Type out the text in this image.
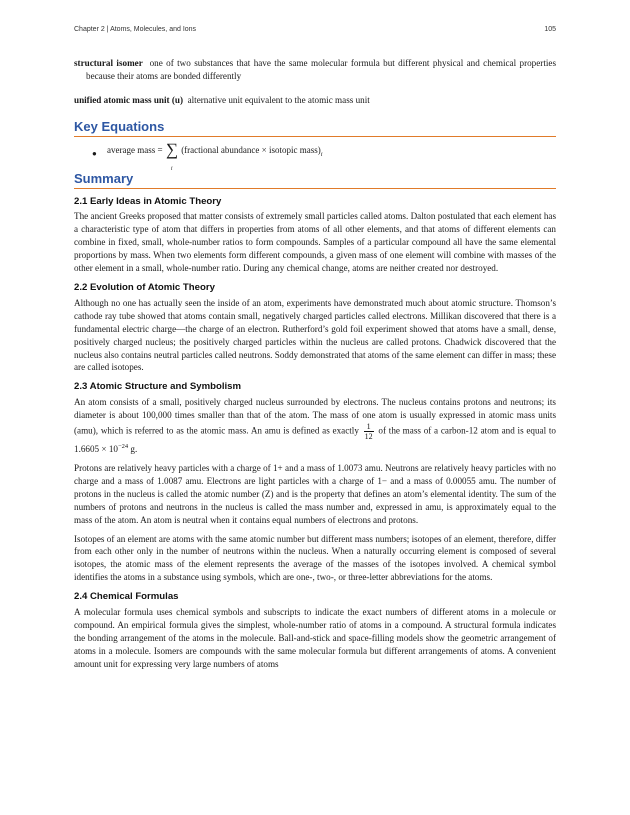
Chapter 2 | Atoms, Molecules, and Ions	105

structural isomer one of two substances that have the same molecular formula but different physical and chemical properties because their atoms are bonded differently

unified atomic mass unit (u) alternative unit equivalent to the atomic mass unit

Key Equations
● average mass = ∑
i
(fractional abundance × isotopic $mass)_i$
Summary
2.1 Early Ideas in Atomic Theory

The ancient Greeks proposed that matter consists of extremely small particles called atoms. Dalton postulated that each element has a characteristic type of atom that differs in properties from atoms of all other elements, and that atoms of different elements can combine in fixed, small, whole-number ratios to form compounds. Samples of a particular compound all have the same elemental proportions by mass. When two elements form different compounds, a given mass of one element will combine with masses of the other element in a small, whole-number ratio. During any chemical change, atoms are neither created nor destroyed.

2.2 Evolution of Atomic Theory

Although no one has actually seen the inside of an atom, experiments have demonstrated much about atomic structure. Thomson’s cathode ray tube showed that atoms contain small, negatively charged particles called electrons. Millikan discovered that there is a fundamental electric charge—the charge of an electron. Rutherford’s gold foil experiment showed that atoms have a small, dense, positively charged nucleus; the positively charged particles within the nucleus are called protons. Chadwick discovered that the nucleus also contains neutral particles called neutrons. Soddy demonstrated that atoms of the same element can differ in mass; these are called isotopes.

2.3 Atomic Structure and Symbolism

An atom consists of a small, positively charged nucleus surrounded by electrons. The nucleus contains protons and neutrons; its diameter is about 100,000 times smaller than that of the atom. The mass of one atom is usually expressed in atomic mass units (amu), which is referred to as the atomic mass. An amu is defined as exactly $\frac{1}{12}$ of the mass of a carbon-12 atom and is equal to $1.6605 \times 10^{-24}$ g.

Protons are relatively heavy particles with a charge of 1+ and a mass of 1.0073 amu. Neutrons are relatively heavy particles with no charge and a mass of 1.0087 amu. Electrons are light particles with a charge of 1− and a mass of 0.00055 amu. The number of protons in the nucleus is called the atomic number (Z) and is the property that defines an atom’s elemental identity. The sum of the numbers of protons and neutrons in the nucleus is called the mass number and, expressed in amu, is approximately equal to the mass of the atom. An atom is neutral when it contains equal numbers of electrons and protons.

Isotopes of an element are atoms with the same atomic number but different mass numbers; isotopes of an element, therefore, differ from each other only in the number of neutrons within the nucleus. When a naturally occurring element is composed of several isotopes, the atomic mass of the element represents the average of the masses of the isotopes involved. A chemical symbol identifies the atoms in a substance using symbols, which are one-, two-, or three-letter abbreviations for the atoms.

2.4 Chemical Formulas

A molecular formula uses chemical symbols and subscripts to indicate the exact numbers of different atoms in a molecule or compound. An empirical formula gives the simplest, whole-number ratio of atoms in a compound. A structural formula indicates the bonding arrangement of the atoms in the molecule. Ball-and-stick and space-filling models show the geometric arrangement of atoms in a molecule. Isomers are compounds with the same molecular formula but different arrangements of atoms. A convenient amount unit for expressing very large numbers of atoms
